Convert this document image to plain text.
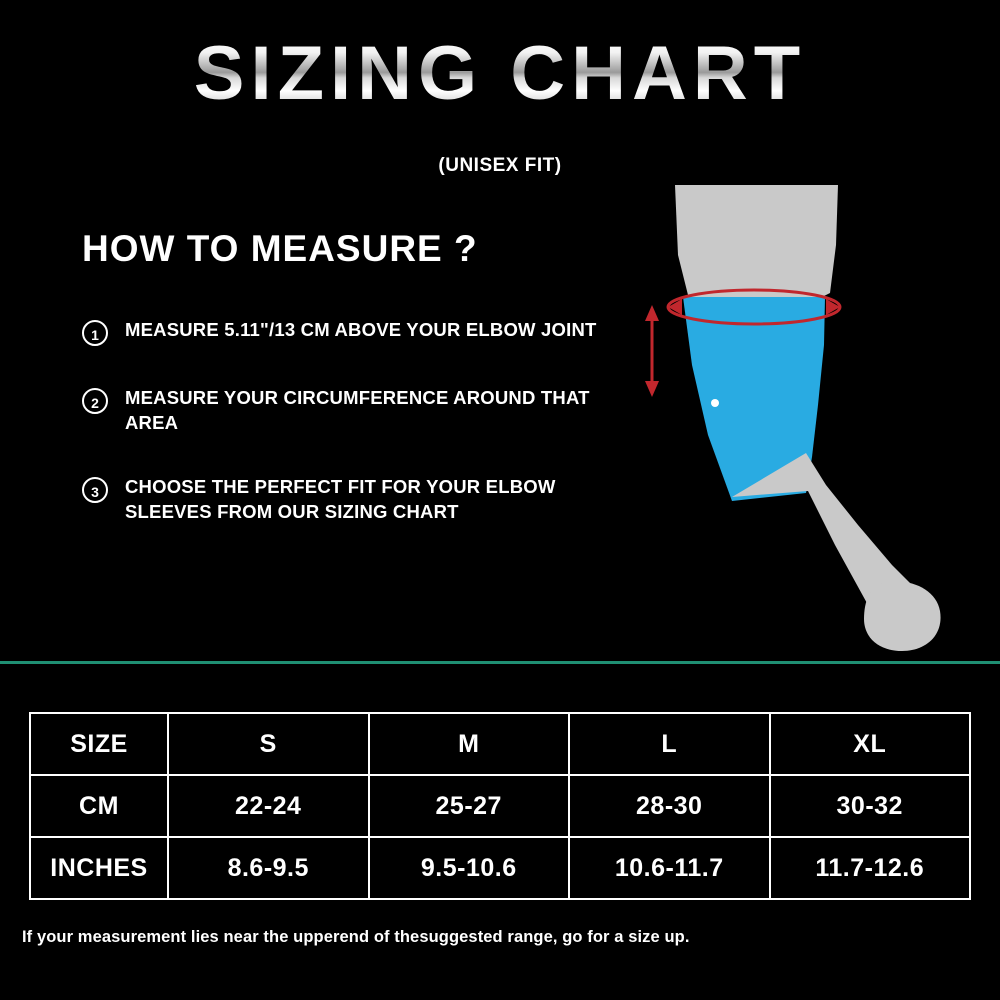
SIZING CHART
(UNISEX FIT)
HOW TO MEASURE ?
1	MEASURE 5.11"/13 CM ABOVE YOUR ELBOW JOINT
2	MEASURE YOUR CIRCUMFERENCE AROUND THAT AREA
3	CHOOSE THE PERFECT FIT FOR YOUR ELBOW SLEEVES FROM OUR SIZING CHART
SIZE	S	M	L	XL
CM	22-24	25-27	28-30	30-32
INCHES	8.6-9.5	9.5-10.6	10.6-11.7	11.7-12.6
If your measurement lies near the upperend of thesuggested range, go for a size up.
